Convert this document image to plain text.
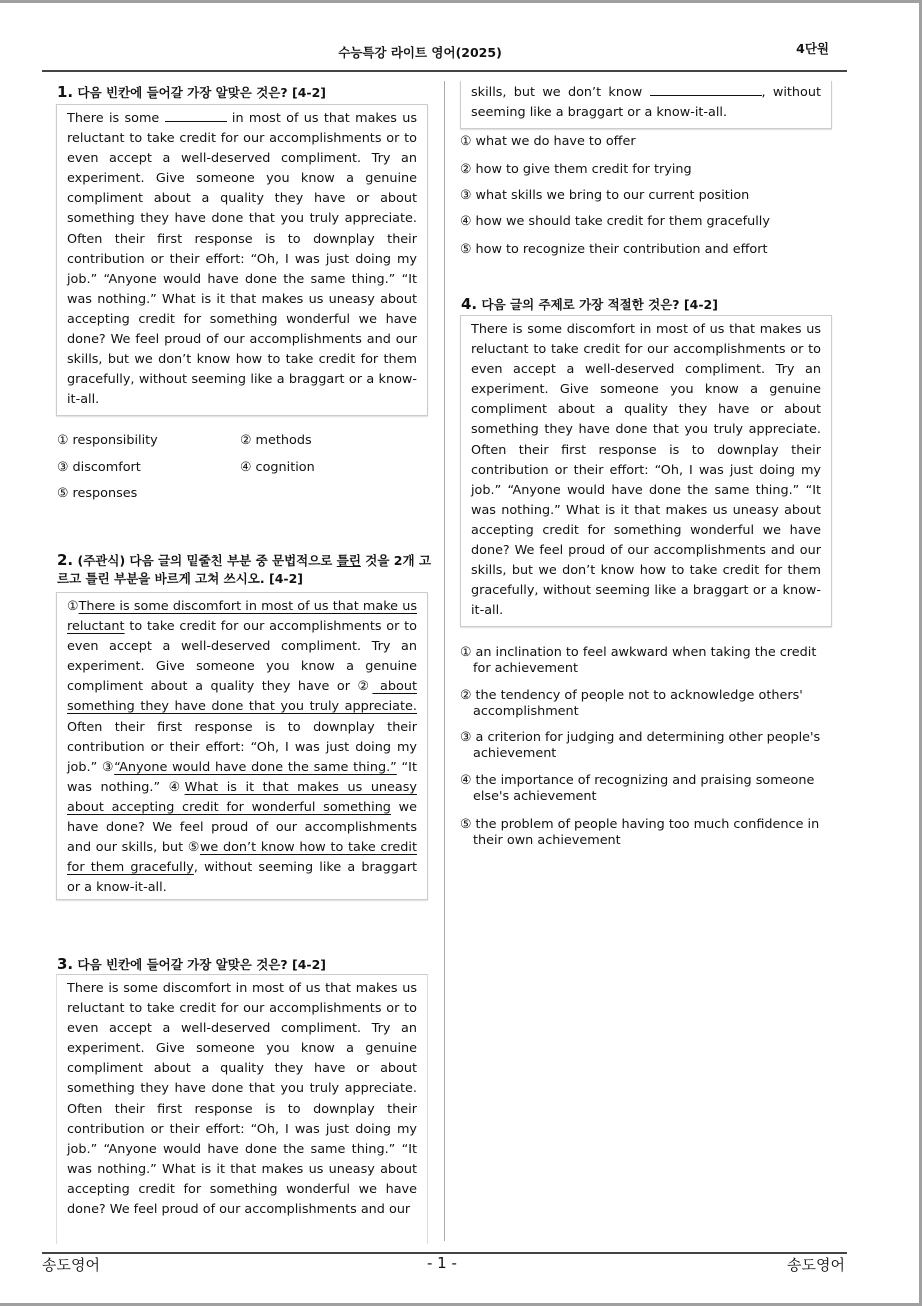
수능특강 라이트 영어(2025)	4단원
1. 다음 빈칸에 들어갈 가장 알맞은 것은? [4-2]
There is some	in most of us that makes us reluctant to take credit for our accomplishments or to even accept a well-deserved compliment. Try an experiment. Give someone you know a genuine compliment about a quality they have or about something they have done that you truly appreciate. Often their first response is to downplay their contribution or their effort: “Oh, I was just doing my job.” “Anyone would have done the same thing.” “It was nothing.” What is it that makes us uneasy about accepting credit for something wonderful we have done? We feel proud of our accomplishments and our skills, but we don’t know how to take credit for them gracefully, without seeming like a braggart or a know-it-all.
① responsibility	② methods
③ discomfort	④ cognition
⑤ responses
2. (주관식) 다음 글의 밑줄친 부분 중 문법적으로 틀린 것을 2개 고르고 틀린 부분을 바르게 고쳐 쓰시오. [4-2]
①There is some discomfort in most of us that make us reluctant to take credit for our accomplishments or to even accept a well-deserved compliment. Try an experiment. Give someone you know a genuine compliment about a quality they have or ② about something they have done that you truly appreciate. Often their first response is to downplay their contribution or their effort: “Oh, I was just doing my job.” ③“Anyone would have done the same thing.” “It was nothing.” ④What is it that makes us uneasy about accepting credit for wonderful something we have done? We feel proud of our accomplishments and our skills, but ⑤we don’t know how to take credit for them gracefully, without seeming like a braggart or a know-it-all.
3. 다음 빈칸에 들어갈 가장 알맞은 것은? [4-2]
There is some discomfort in most of us that makes us reluctant to take credit for our accomplishments or to even accept a well-deserved compliment. Try an experiment. Give someone you know a genuine compliment about a quality they have or about something they have done that you truly appreciate. Often their first response is to downplay their contribution or their effort: “Oh, I was just doing my job.” “Anyone would have done the same thing.” “It was nothing.” What is it that makes us uneasy about accepting credit for something wonderful we have done? We feel proud of our accomplishments and our
skills, but we don’t know	, without seeming like a braggart or a know-it-all.
① what we do have to offer
② how to give them credit for trying
③ what skills we bring to our current position
④ how we should take credit for them gracefully
⑤ how to recognize their contribution and effort
4. 다음 글의 주제로 가장 적절한 것은? [4-2]
There is some discomfort in most of us that makes us reluctant to take credit for our accomplishments or to even accept a well-deserved compliment. Try an experiment. Give someone you know a genuine compliment about a quality they have or about something they have done that you truly appreciate. Often their first response is to downplay their contribution or their effort: “Oh, I was just doing my job.” “Anyone would have done the same thing.” “It was nothing.” What is it that makes us uneasy about accepting credit for something wonderful we have done? We feel proud of our accomplishments and our skills, but we don’t know how to take credit for them gracefully, without seeming like a braggart or a know-it-all.
① an inclination to feel awkward when taking the credit
for achievement
② the tendency of people not to acknowledge others'
accomplishment
③ a criterion for judging and determining other people's
achievement
④ the importance of recognizing and praising someone
else's achievement
⑤ the problem of people having too much confidence in
their own achievement
송도영어	- 1 -	송도영어
